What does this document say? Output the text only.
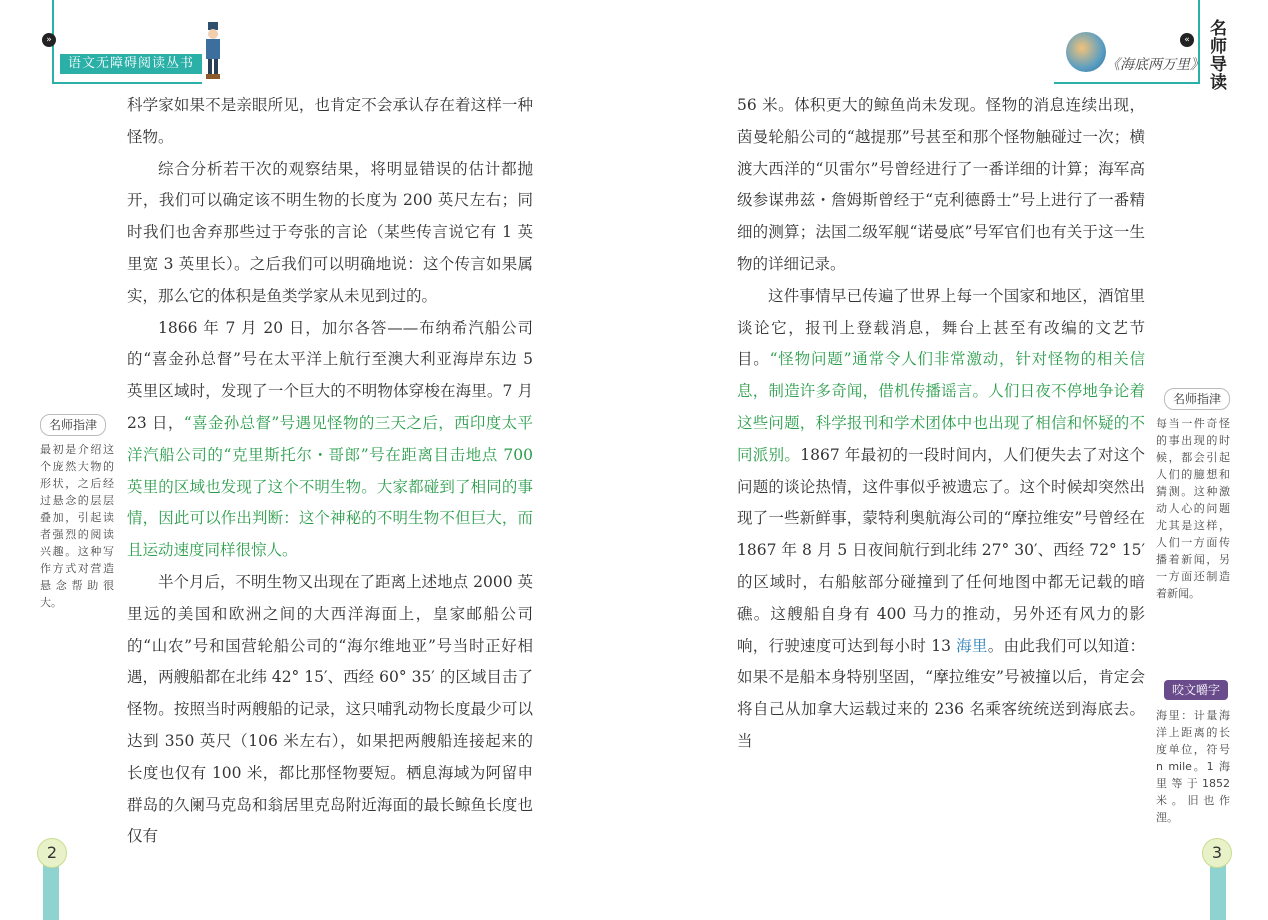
»
语文无障碍阅读丛书

科学家如果不是亲眼所见，也肯定不会承认存在着这样一种怪物。

综合分析若干次的观察结果，将明显错误的估计都抛开，我们可以确定该不明生物的长度为 200 英尺左右；同时我们也舍弃那些过于夸张的言论（某些传言说它有 1 英里宽 3 英里长）。之后我们可以明确地说：这个传言如果属实，那么它的体积是鱼类学家从未见到过的。

1866 年 7 月 20 日，加尔各答——布纳希汽船公司的“喜金孙总督”号在太平洋上航行至澳大利亚海岸东边 5 英里区域时，发现了一个巨大的不明物体穿梭在海里。7 月 23 日，“喜金孙总督”号遇见怪物的三天之后，西印度太平洋汽船公司的“克里斯托尔・哥郎”号在距离目击地点 700 英里的区域也发现了这个不明生物。大家都碰到了相同的事情，因此可以作出判断：这个神秘的不明生物不但巨大，而且运动速度同样很惊人。

半个月后，不明生物又出现在了距离上述地点 2000 英里远的美国和欧洲之间的大西洋海面上，皇家邮船公司的“山农”号和国营轮船公司的“海尔维地亚”号当时正好相遇，两艘船都在北纬 42° 15′、西经 60° 35′ 的区域目击了怪物。按照当时两艘船的记录，这只哺乳动物长度最少可以达到 350 英尺（106 米左右），如果把两艘船连接起来的长度也仅有 100 米，都比那怪物要短。栖息海域为阿留申群岛的久阑马克岛和翁居里克岛附近海面的最长鲸鱼长度也仅有

名师指津
最初是介绍这个庞然大物的形状，之后经过悬念的层层叠加，引起读者强烈的阅读兴趣。这种写作方式对营造悬念帮助很大。
2
《海底两万里》
«
名师导读

56 米。体积更大的鲸鱼尚未发现。怪物的消息连续出现，茵曼轮船公司的“越提那”号甚至和那个怪物触碰过一次；横渡大西洋的“贝雷尔”号曾经进行了一番详细的计算；海军高级参谋弗兹・詹姆斯曾经于“克利德爵士”号上进行了一番精细的测算；法国二级军舰“诺曼底”号军官们也有关于这一生物的详细记录。

这件事情早已传遍了世界上每一个国家和地区，酒馆里谈论它，报刊上登载消息，舞台上甚至有改编的文艺节目。“怪物问题”通常令人们非常激动，针对怪物的相关信息，制造许多奇闻，借机传播谣言。人们日夜不停地争论着这些问题，科学报刊和学术团体中也出现了相信和怀疑的不同派别。1867 年最初的一段时间内，人们便失去了对这个问题的谈论热情，这件事似乎被遗忘了。这个时候却突然出现了一些新鲜事，蒙特利奥航海公司的“摩拉维安”号曾经在 1867 年 8 月 5 日夜间航行到北纬 27° 30′、西经 72° 15′ 的区域时，右船舷部分碰撞到了任何地图中都无记载的暗礁。这艘船自身有 400 马力的推动，另外还有风力的影响，行驶速度可达到每小时 13 海里。由此我们可以知道：如果不是船本身特别坚固，“摩拉维安”号被撞以后，肯定会将自己从加拿大运载过来的 236 名乘客统统送到海底去。当

名师指津
每当一件奇怪的事出现的时候，都会引起人们的臆想和猜测。这种激动人心的问题尤其是这样，人们一方面传播着新闻，另一方面还制造着新闻。
咬文嚼字
海里：计量海洋上距离的长度单位，符号 n mile。1 海里等于1852 米。旧也作浬。
3
